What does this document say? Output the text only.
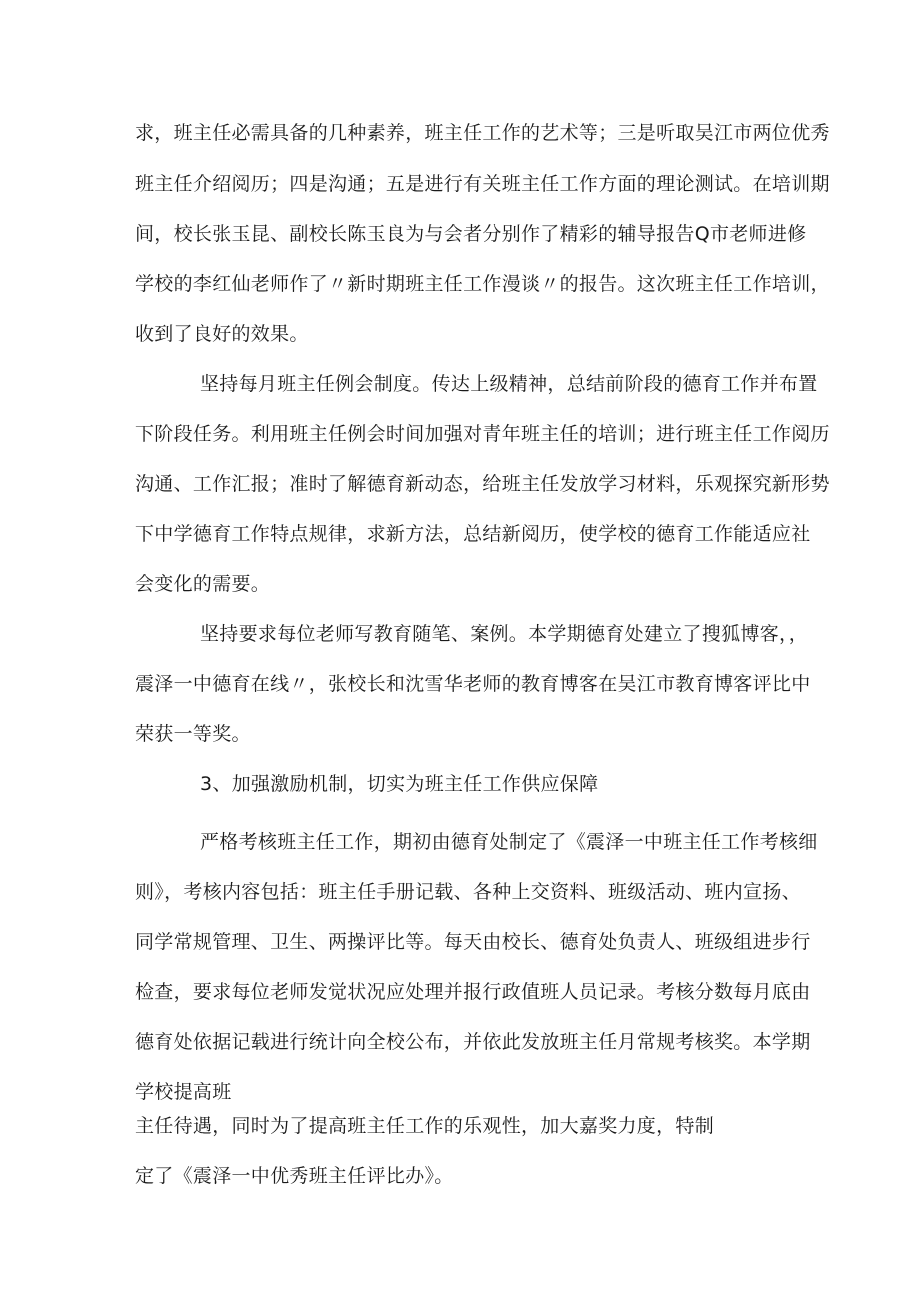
求，班主任必需具备的几种素养，班主任工作的艺术等；三是听取吴江市两位优秀
班主任介绍阅历；四是沟通；五是进行有关班主任工作方面的理论测试。在培训期
间，校长张玉昆、副校长陈玉良为与会者分别作了精彩的辅导报告Q市老师进修
学校的李红仙老师作了〃新时期班主任工作漫谈〃的报告。这次班主任工作培训，
收到了良好的效果。
坚持每月班主任例会制度。传达上级精神，总结前阶段的德育工作并布置
下阶段任务。利用班主任例会时间加强对青年班主任的培训；进行班主任工作阅历
沟通、工作汇报；准时了解德育新动态，给班主任发放学习材料，乐观探究新形势
下中学德育工作特点规律，求新方法，总结新阅历，使学校的德育工作能适应社
会变化的需要。
坚持要求每位老师写教育随笔、案例。本学期德育处建立了搜狐博客，，
震泽一中德育在线〃，张校长和沈雪华老师的教育博客在吴江市教育博客评比中
荣获一等奖。
3、加强激励机制，切实为班主任工作供应保障
严格考核班主任工作，期初由德育处制定了《震泽一中班主任工作考核细
则》，考核内容包括：班主任手册记载、各种上交资料、班级活动、班内宣扬、
同学常规管理、卫生、两操评比等。每天由校长、德育处负责人、班级组进步行
检查，要求每位老师发觉状况应处理并报行政值班人员记录。考核分数每月底由
德育处依据记载进行统计向全校公布，并依此发放班主任月常规考核奖。本学期
学校提高班
主任待遇，同时为了提高班主任工作的乐观性，加大嘉奖力度，特制
定了《震泽一中优秀班主任评比办》。
